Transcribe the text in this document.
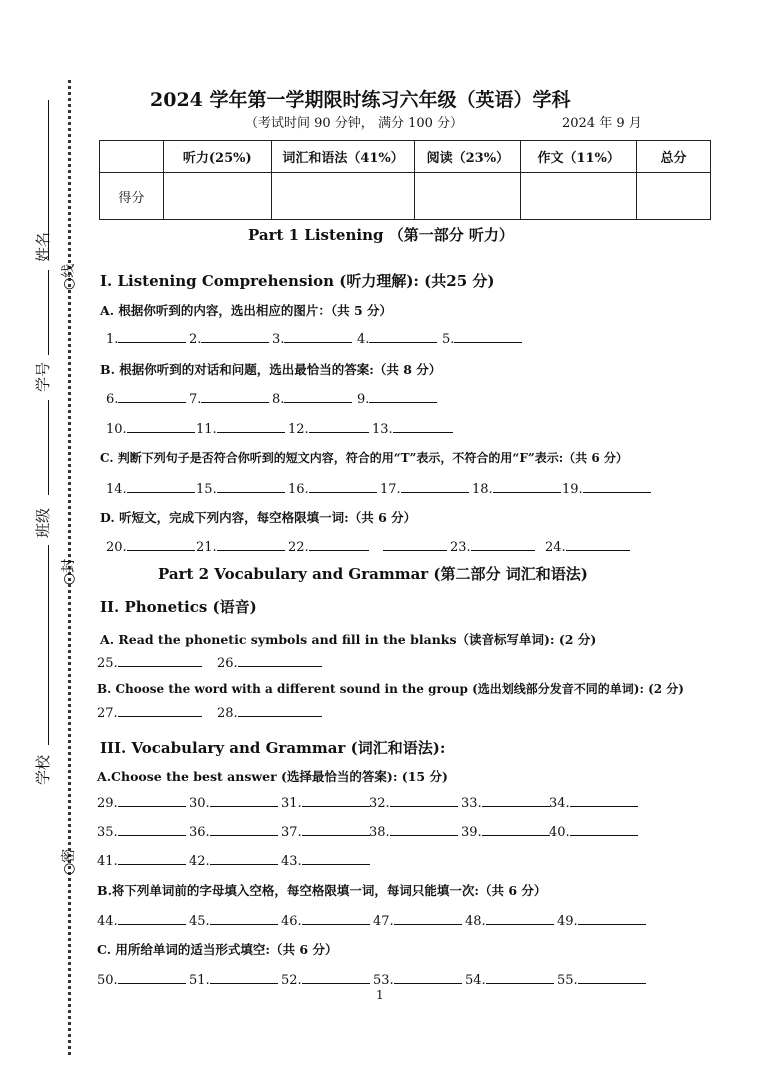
姓名
学号
班级
学校
○线
○封
○密
2024 学年第一学期限时练习六年级（英语）学科
（考试时间 90 分钟， 满分 100 分）	2024 年 9 月
	听力(25%)	词汇和语法（41%）	阅读（23%）	作文（11%）	总分
得分					
Part 1 Listening （第一部分 听力）
I. Listening Comprehension (听力理解): (共25 分)
A. 根据你听到的内容，选出相应的图片：（共 5 分）
1.	2.	3.	4.	5.
B. 根据你听到的对话和问题，选出最恰当的答案:（共 8 分）
6.	7.	8.	9.
10.	11.	12.	13.
C. 判断下列句子是否符合你听到的短文内容，符合的用“T”表示，不符合的用“F”表示:（共 6 分）
14.	15.	16.	17.	18.	19.
D. 听短文，完成下列内容，每空格限填一词:（共 6 分）
20.	21.	22.	23.	24.
Part 2 Vocabulary and Grammar (第二部分 词汇和语法)
II. Phonetics (语音)
A. Read the phonetic symbols and fill in the blanks（读音标写单词): (2 分)
25.	26.
B. Choose the word with a different sound in the group (选出划线部分发音不同的单词): (2 分)
27.	28.
III. Vocabulary and Grammar (词汇和语法):
A.Choose the best answer (选择最恰当的答案): (15 分)
29.	30.	31.	32.	33.	34.
35.	36.	37.	38.	39.	40.
41.	42.	43.
B.将下列单词前的字母填入空格，每空格限填一词，每词只能填一次:（共 6 分）
44.	45.	46.	47.	48.	49.
C. 用所给单词的适当形式填空:（共 6 分）
50.	51.	52.	53.	54.	55.
1
